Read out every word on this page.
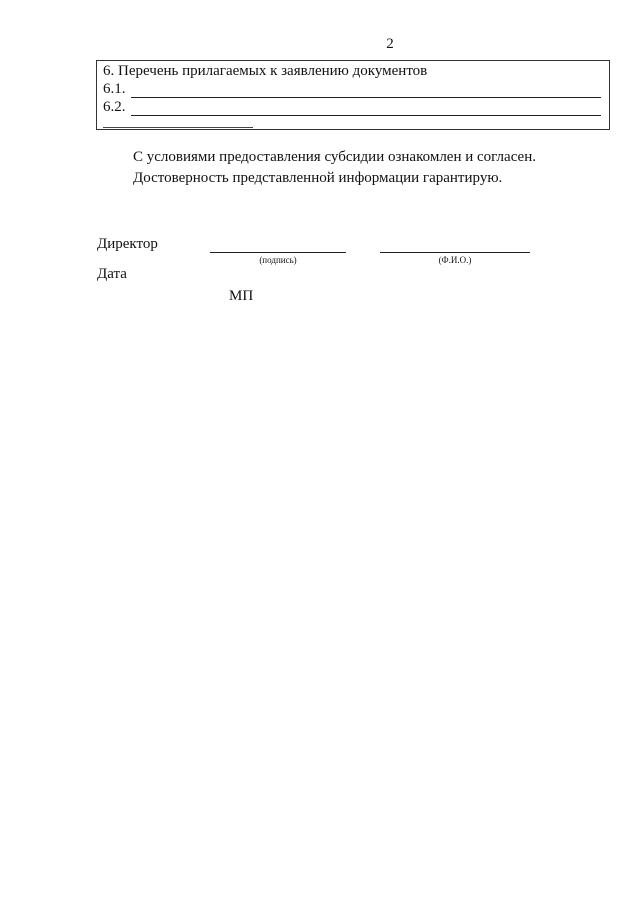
2
6. Перечень прилагаемых к заявлению документов
6.1.
6.2.
С условиями предоставления субсидии ознакомлен и согласен.
Достоверность представленной информации гарантирую.
Директор
(подпись)	(Ф.И.О.)
Дата
МП
